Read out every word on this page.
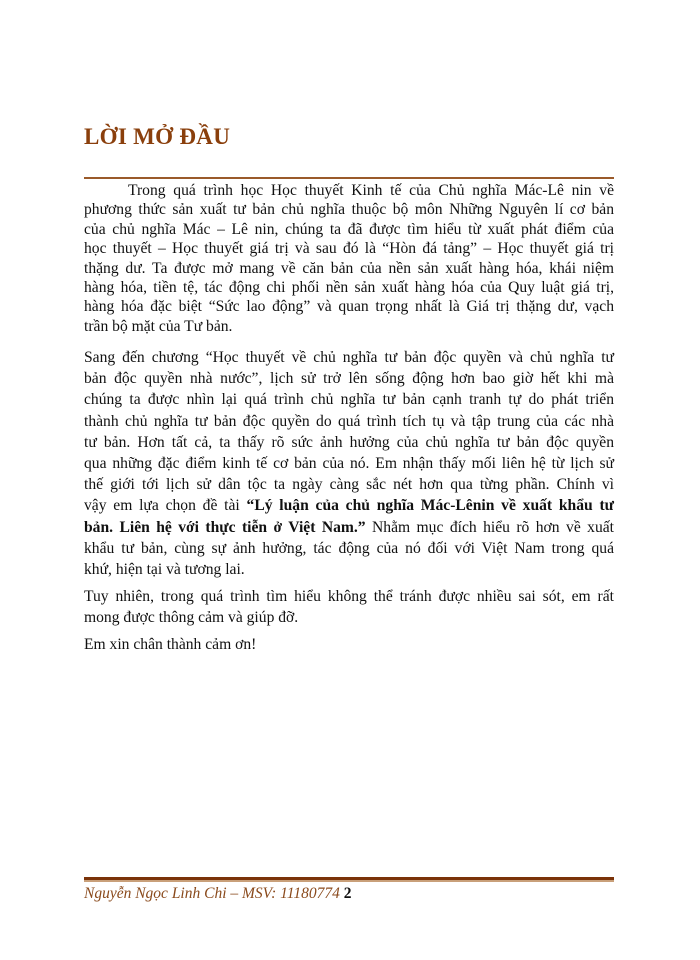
LỜI MỞ ĐẦU
Trong quá trình học Học thuyết Kinh tế của Chủ nghĩa Mác-Lê nin về
phương thức sản xuất tư bản chủ nghĩa thuộc bộ môn Những Nguyên lí cơ bản
của chủ nghĩa Mác – Lê nin, chúng ta đã được tìm hiểu từ xuất phát điểm của
học thuyết – Học thuyết giá trị và sau đó là “Hòn đá tảng” – Học thuyết giá trị
thặng dư. Ta được mở mang về căn bản của nền sản xuất hàng hóa, khái niệm
hàng hóa, tiền tệ, tác động chi phối nền sản xuất hàng hóa của Quy luật giá trị,
hàng hóa đặc biệt “Sức lao động” và quan trọng nhất là Giá trị thặng dư, vạch
trần bộ mặt của Tư bản.
Sang đến chương “Học thuyết về chủ nghĩa tư bản độc quyền và chủ nghĩa tư
bản độc quyền nhà nước”, lịch sử trở lên sống động hơn bao giờ hết khi mà
chúng ta được nhìn lại quá trình chủ nghĩa tư bản cạnh tranh tự do phát triển
thành chủ nghĩa tư bản độc quyền do quá trình tích tụ và tập trung của các nhà
tư bản. Hơn tất cả, ta thấy rõ sức ảnh hưởng của chủ nghĩa tư bản độc quyền
qua những đặc điểm kinh tế cơ bản của nó. Em nhận thấy mối liên hệ từ lịch sử
thế giới tới lịch sử dân tộc ta ngày càng sắc nét hơn qua từng phần. Chính vì
vậy em lựa chọn đề tài “Lý luận của chủ nghĩa Mác-Lênin về xuất khẩu tư
bản. Liên hệ với thực tiễn ở Việt Nam.” Nhằm mục đích hiểu rõ hơn về xuất
khẩu tư bản, cùng sự ảnh hưởng, tác động của nó đối với Việt Nam trong quá
khứ, hiện tại và tương lai.
Tuy nhiên, trong quá trình tìm hiểu không thể tránh được nhiều sai sót, em rất
mong được thông cảm và giúp đỡ.
Em xin chân thành cảm ơn!
Nguyễn Ngọc Linh Chi – MSV: 11180774 2
